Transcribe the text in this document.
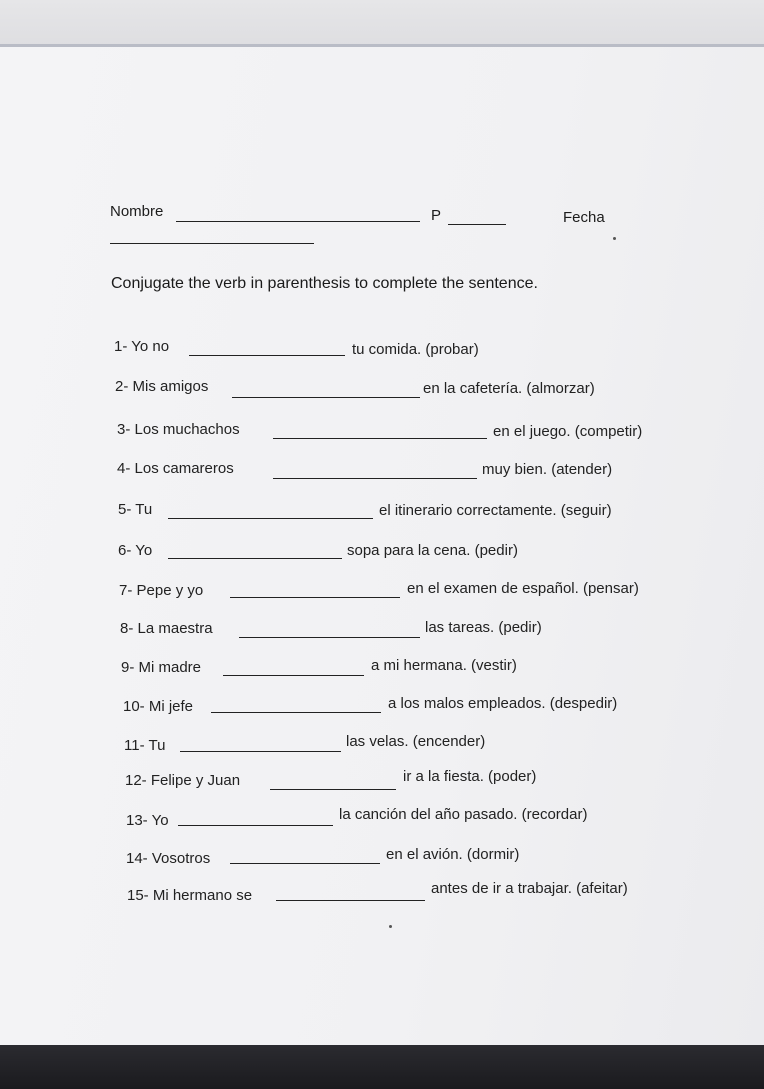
Nombre	P	Fecha
Conjugate the verb in parenthesis to complete the sentence.
1- Yo no	tu comida. (probar)
2- Mis amigos	en la cafetería. (almorzar)
3- Los muchachos	en el juego. (competir)
4- Los camareros	muy bien. (atender)
5- Tu	el itinerario correctamente. (seguir)
6- Yo	sopa para la cena. (pedir)
7- Pepe y yo	en el examen de español. (pensar)
8- La maestra	las tareas. (pedir)
9- Mi madre	a mi hermana. (vestir)
10- Mi jefe	a los malos empleados. (despedir)
11- Tu	las velas. (encender)
12- Felipe y Juan	ir a la fiesta. (poder)
13- Yo	la canción del año pasado. (recordar)
14- Vosotros	en el avión. (dormir)
15- Mi hermano se	antes de ir a trabajar. (afeitar)
